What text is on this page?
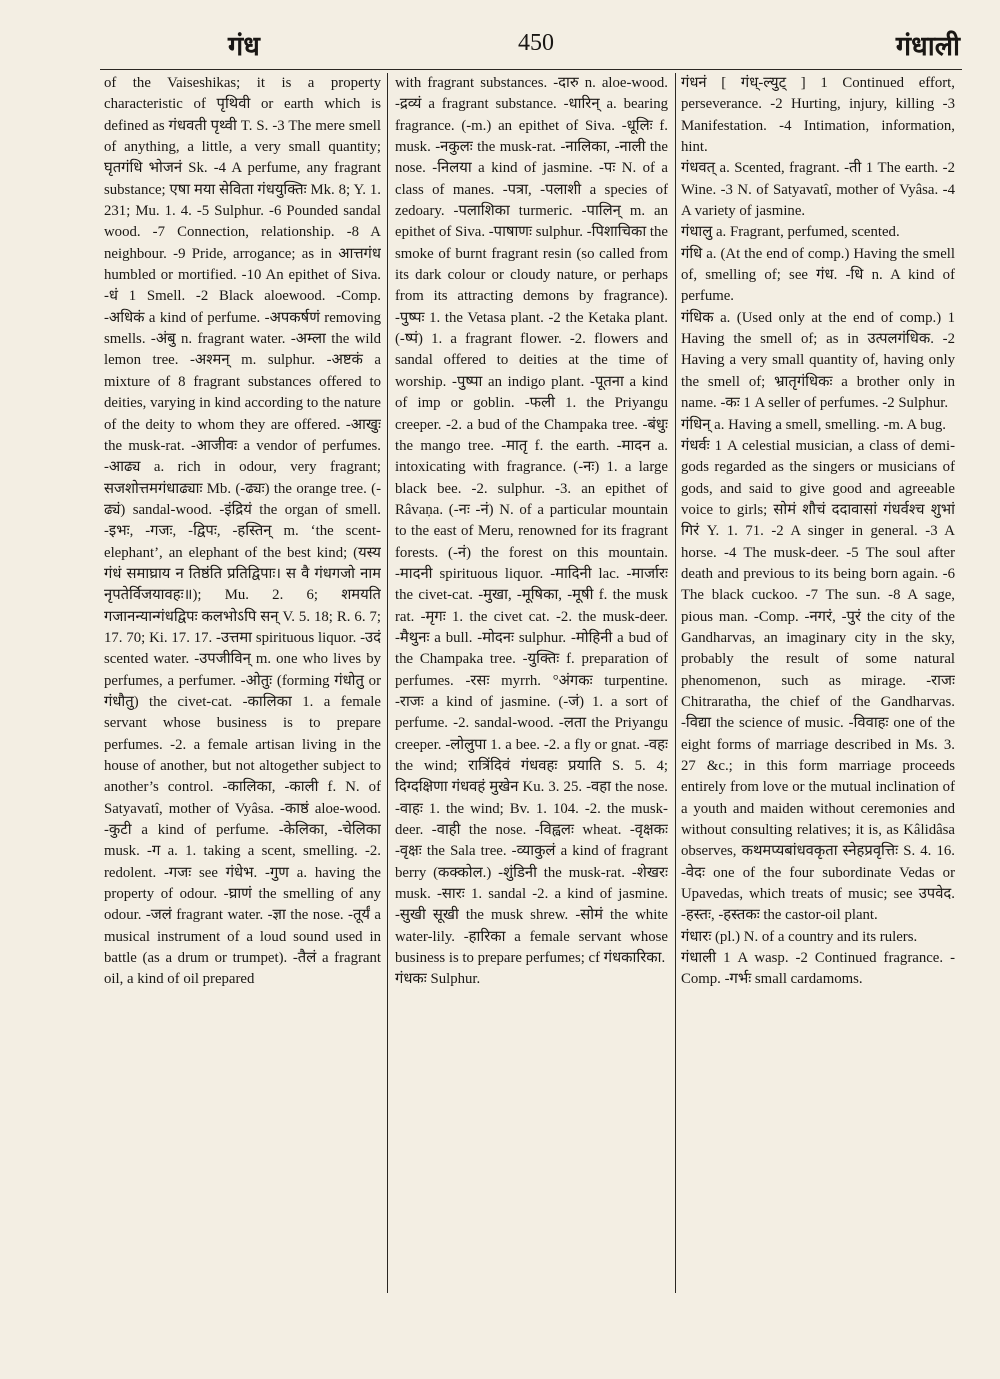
गंध	450	गंधाली

of the Vaiseshikas; it is a property characteristic of पृथिवी or earth which is defined as गंधवती पृथ्वी T. S. -3 The mere smell of anything, a little, a very small quantity; घृतगंधि भोजनं Sk. -4 A perfume, any fragrant substance; एषा मया सेविता गंधयुक्तिः Mk. 8; Y. 1. 231; Mu. 1. 4. -5 Sulphur. -6 Pounded sandal wood. -7 Connection, relationship. -8 A neighbour. -9 Pride, arrogance; as in आत्तगंध humbled or mortified. -10 An epithet of Siva. -धं 1 Smell. -2 Black aloewood. -Comp. -अधिकं a kind of perfume. -अपकर्षणं removing smells. -अंबु n. fragrant water. -अम्ला the wild lemon tree. -अश्मन् m. sulphur. -अष्टकं a mixture of 8 fragrant substances offered to deities, varying in kind according to the nature of the deity to whom they are offered. -आखुः the musk-rat. -आजीवः a vendor of perfumes. -आढ्य a. rich in odour, very fragrant; सजशोत्तमगंधाढ्याः Mb. (-ढ्यः) the orange tree. (-ढ्यं) sandal-wood. -इंद्रियं the organ of smell. -इभः, -गजः, -द्विपः, -हस्तिन् m. ‘the scent-elephant’, an elephant of the best kind; (यस्य गंधं समाघ्राय न तिष्ठंति प्रतिद्विपाः। स वै गंधगजो नाम नृपतेर्विजयावहः॥); Mu. 2. 6; शमयति गजानन्यान्गंधद्विपः कलभोऽपि सन् V. 5. 18; R. 6. 7; 17. 70; Ki. 17. 17. -उत्तमा spirituous liquor. -उदं scented water. -उपजीविन् m. one who lives by perfumes, a perfumer. -ओतुः (forming गंधोतु or गंधौतु) the civet-cat. -कालिका 1. a female servant whose business is to prepare perfumes. -2. a female artisan living in the house of another, but not altogether subject to another’s control. -कालिका, -काली f. N. of Satyavatî, mother of Vyâsa. -काष्ठं aloe-wood. -कुटी a kind of perfume. -केलिका, -चेलिका musk. -ग a. 1. taking a scent, smelling. -2. redolent. -गजः see गंधेभ. -गुण a. having the property of odour. -घ्राणं the smelling of any odour. -जलं fragrant water. -ज्ञा the nose. -तूर्यं a musical instrument of a loud sound used in battle (as a drum or trumpet). -तैलं a fragrant oil, a kind of oil prepared

with fragrant substances. -दारु n. aloe-wood. -द्रव्यं a fragrant substance. -धारिन् a. bearing fragrance. (-m.) an epithet of Siva. -धूलिः f. musk. -नकुलः the musk-rat. -नालिका, -नाली the nose. -निलया a kind of jasmine. -पः N. of a class of manes. -पत्रा, -पलाशी a species of zedoary. -पलाशिका turmeric. -पालिन् m. an epithet of Siva. -पाषाणः sulphur. -पिशाचिका the smoke of burnt fragrant resin (so called from its dark colour or cloudy nature, or perhaps from its attracting demons by fragrance). -पुष्पः 1. the Vetasa plant. -2 the Ketaka plant. (-ष्पं) 1. a fragrant flower. -2. flowers and sandal offered to deities at the time of worship. -पुष्पा an indigo plant. -पूतना a kind of imp or goblin. -फली 1. the Priyangu creeper. -2. a bud of the Champaka tree. -बंधुः the mango tree. -मातृ f. the earth. -मादन a. intoxicating with fragrance. (-नः) 1. a large black bee. -2. sulphur. -3. an epithet of Râvaṇa. (-नः -नं) N. of a particular mountain to the east of Meru, renowned for its fragrant forests. (-नं) the forest on this mountain. -मादनी spirituous liquor. -मादिनी lac. -मार्जारः the civet-cat. -मुखा, -मूषिका, -मूषी f. the musk rat. -मृगः 1. the civet cat. -2. the musk-deer. -मैथुनः a bull. -मोदनः sulphur. -मोहिनी a bud of the Champaka tree. -युक्तिः f. preparation of perfumes. -रसः myrrh. °अंगकः turpentine. -राजः a kind of jasmine. (-जं) 1. a sort of perfume. -2. sandal-wood. -लता the Priyangu creeper. -लोलुपा 1. a bee. -2. a fly or gnat. -वहः the wind; रात्रिंदिवं गंधवहः प्रयाति S. 5. 4; दिग्दक्षिणा गंधवहं मुखेन Ku. 3. 25. -वहा the nose. -वाहः 1. the wind; Bv. 1. 104. -2. the musk-deer. -वाही the nose. -विह्वलः wheat. -वृक्षकः -वृक्षः the Sala tree. -व्याकुलं a kind of fragrant berry (कक्कोल.) -शुंडिनी the musk-rat. -शेखरः musk. -सारः 1. sandal -2. a kind of jasmine. -सुखी सूखी the musk shrew. -सोमं the white water-lily. -हारिका a female servant whose business is to prepare perfumes; cf गंधकारिका.

गंधकः Sulphur.

गंधनं [ गंध्-ल्युट् ] 1 Continued effort, perseverance. -2 Hurting, injury, killing -3 Manifestation. -4 Intimation, information, hint.

गंधवत् a. Scented, fragrant. -ती 1 The earth. -2 Wine. -3 N. of Satyavatî, mother of Vyâsa. -4 A variety of jasmine.

गंधालु a. Fragrant, perfumed, scented.

गंधि a. (At the end of comp.) Having the smell of, smelling of; see गंध. -धि n. A kind of perfume.

गंधिक a. (Used only at the end of comp.) 1 Having the smell of; as in उत्पलगंधिक. -2 Having a very small quantity of, having only the smell of; भ्रातृगंधिकः a brother only in name. -कः 1 A seller of perfumes. -2 Sulphur.

गंधिन् a. Having a smell, smelling. -m. A bug.

गंधर्वः 1 A celestial musician, a class of demi-gods regarded as the singers or musicians of gods, and said to give good and agreeable voice to girls; सोमं शौचं ददावासां गंधर्वश्च शुभां गिरं Y. 1. 71. -2 A singer in general. -3 A horse. -4 The musk-deer. -5 The soul after death and previous to its being born again. -6 The black cuckoo. -7 The sun. -8 A sage, pious man. -Comp. -नगरं, -पुरं the city of the Gandharvas, an imaginary city in the sky, probably the result of some natural phenomenon, such as mirage. -राजः Chitraratha, the chief of the Gandharvas. -विद्या the science of music. -विवाहः one of the eight forms of marriage described in Ms. 3. 27 &c.; in this form marriage proceeds entirely from love or the mutual inclination of a youth and maiden without ceremonies and without consulting relatives; it is, as Kâlidâsa observes, कथमप्यबांधवकृता स्नेहप्रवृत्तिः S. 4. 16. -वेदः one of the four subordinate Vedas or Upavedas, which treats of music; see उपवेद. -हस्तः, -हस्तकः the castor-oil plant.

गंधारः (pl.) N. of a country and its rulers.

गंधाली 1 A wasp. -2 Continued fragrance. -Comp. -गर्भः small cardamoms.
